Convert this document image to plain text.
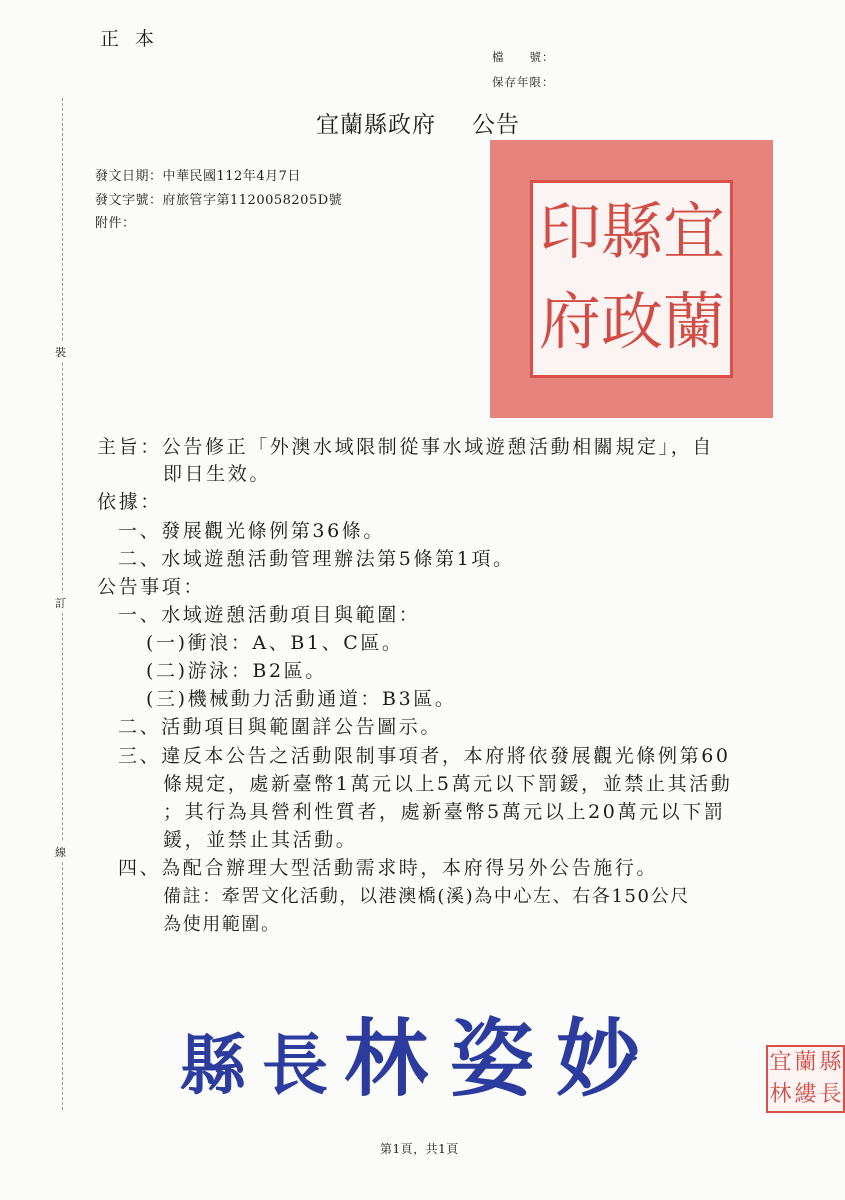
正本
檔　　號：
保存年限：
宜蘭縣政府 公告
發文日期：中華民國112年4月7日
發文字號：府旅管字第1120058205D號
附件：
裝
訂
線
印 縣 宜
府 政 蘭
主旨：公告修正「外澳水域限制從事水域遊憩活動相關規定」，自
即日生效。
依據：
一、發展觀光條例第36條。
二、水域遊憩活動管理辦法第5條第1項。
公告事項：
一、水域遊憩活動項目與範圍：
(一)衝浪：A、B1、C區。
(二)游泳：B2區。
(三)機械動力活動通道：B3區。
二、活動項目與範圍詳公告圖示。
三、違反本公告之活動限制事項者，本府將依發展觀光條例第60
條規定，處新臺幣1萬元以上5萬元以下罰鍰，並禁止其活動
；其行為具營利性質者，處新臺幣5萬元以上20萬元以下罰
鍰，並禁止其活動。
四、為配合辦理大型活動需求時，本府得另外公告施行。
備註：牽罟文化活動，以港澳橋(溪)為中心左、右各150公尺
為使用範圍。
縣長林姿妙	宜 蘭 縣
林 縷 長
第1頁，共1頁
